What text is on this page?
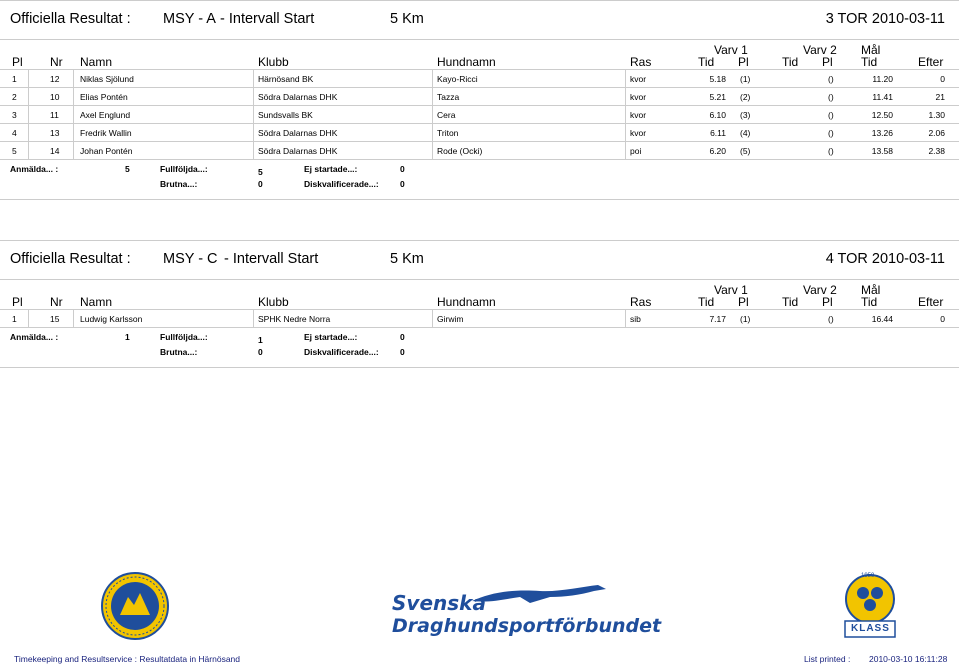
Officiella Resultat : MSY - A - Intervall Start	5 Km	3 TOR 2010-03-11
Pl Nr Namn	Klubb	Hundnamn	Ras
Varv 1
Tid Pl
Varv 2
Tid Pl
Mål
Tid	Efter
1	12 Niklas Sjölund	Härnösand BK	Kayo-Ricci	kvor	5.18 (1)	()	11.20	0
2	10 Elias Pontén	Södra Dalarnas DHK	Tazza	kvor	5.21 (2)	()	11.41	21
3	11 Axel Englund	Sundsvalls BK	Cera	kvor	6.10 (3)	()	12.50	1.30
4	13 Fredrik Wallin	Södra Dalarnas DHK	Triton	kvor	6.11 (4)	()	13.26	2.06
5	14 Johan Pontén	Södra Dalarnas DHK	Rode (Ocki)	poi	6.20 (5)	()	13.58	2.38
Anmälda... :	5	Fullföljda...:	5	Ej startade...:	0
Brutna...:	0	Diskvalificerade...:	0
Officiella Resultat : MSY - C - Intervall Start	5 Km	4 TOR 2010-03-11
Pl Nr Namn	Klubb	Hundnamn	Ras
Varv 1
Tid Pl
Varv 2
Tid Pl
Mål
Tid	Efter
1	15 Ludwig Karlsson	SPHK Nedre Norra	Girwim	sib	7.17 (1)	()	16.44	0
Anmälda... :	1	Fullföljda...:	1	Ej startade...:	0
Brutna...:	0	Diskvalificerade...:	0
Svenska
Draghundsportförbundet
1959
KLASS
Timekeeping and Resultservice : Resultatdata in Härnösand	List printed : 2010-03-10 16:11:28
